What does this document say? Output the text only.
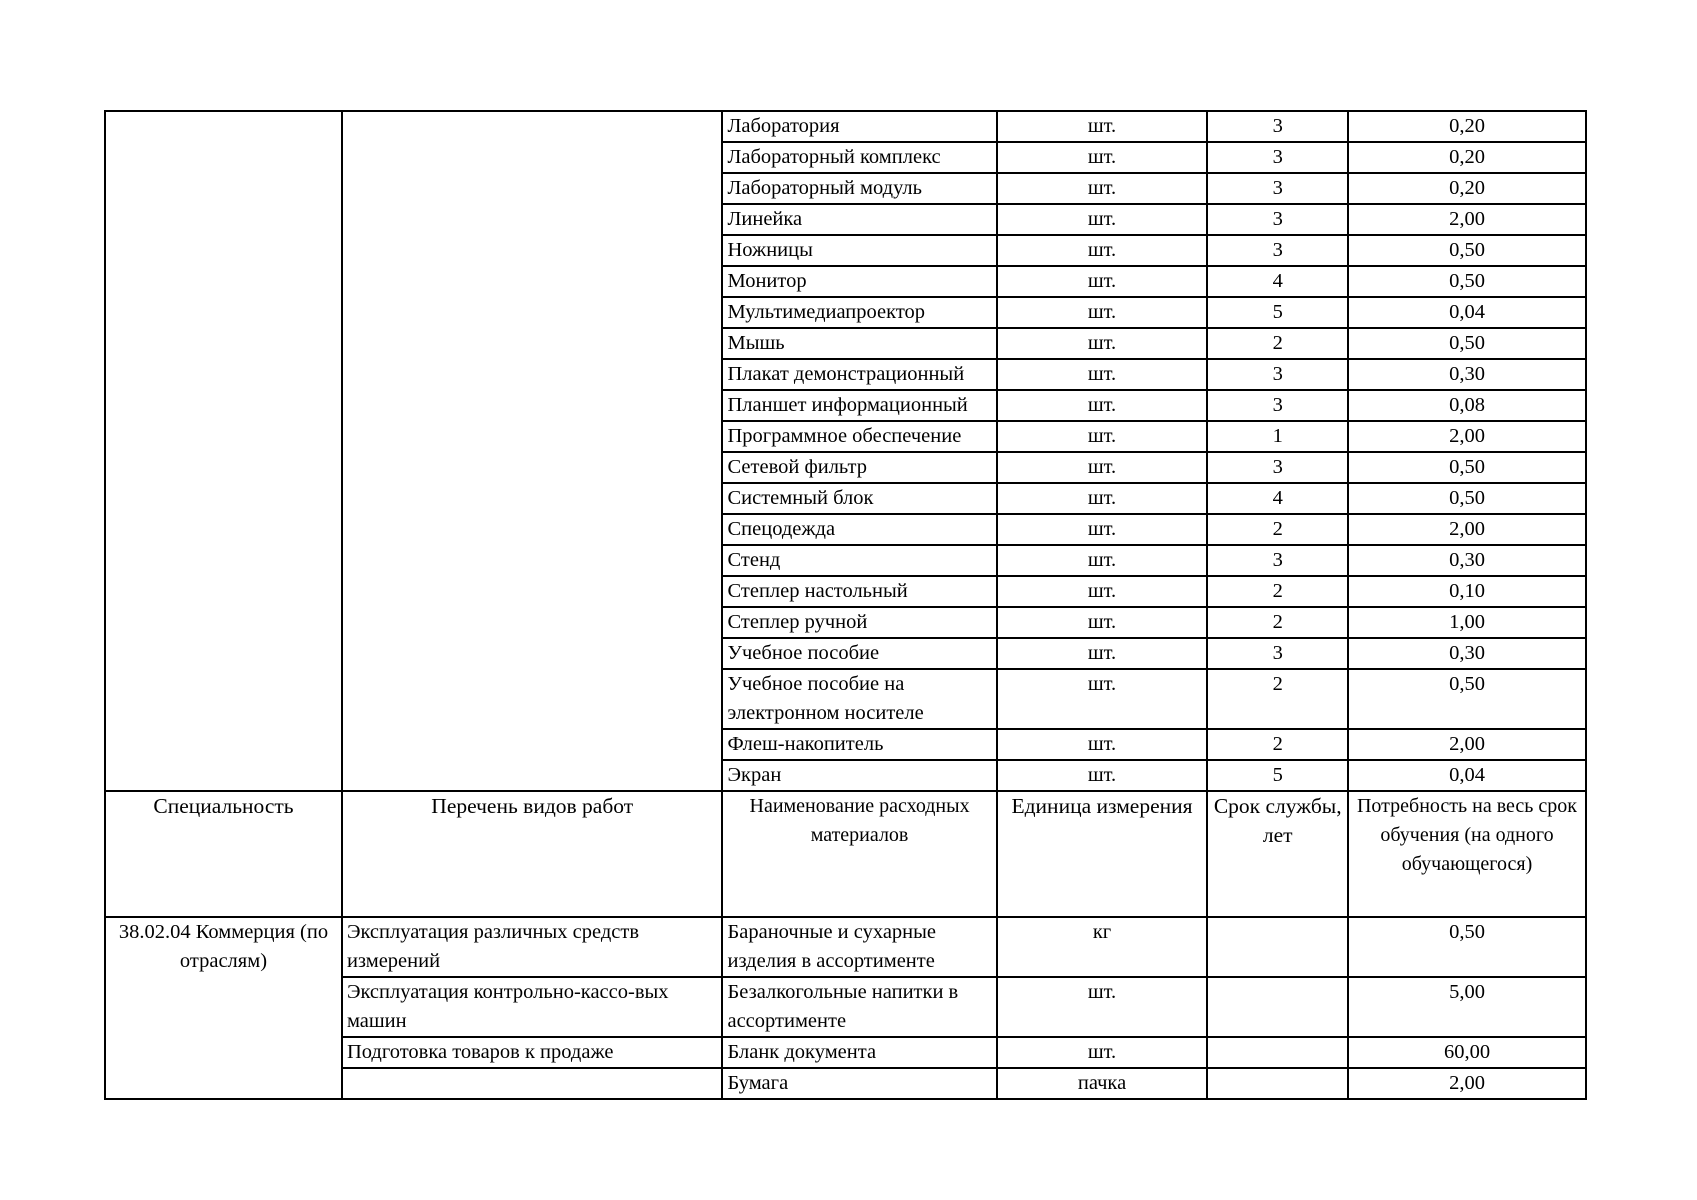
		Лаборатория	шт.	3	0,20
		Лабораторный комплекс	шт.	3	0,20
		Лабораторный модуль	шт.	3	0,20
		Линейка	шт.	3	2,00
		Ножницы	шт.	3	0,50
		Монитор	шт.	4	0,50
		Мультимедиапроектор	шт.	5	0,04
		Мышь	шт.	2	0,50
		Плакат демонстрационный	шт.	3	0,30
		Планшет информационный	шт.	3	0,08
		Программное обеспечение	шт.	1	2,00
		Сетевой фильтр	шт.	3	0,50
		Системный блок	шт.	4	0,50
		Спецодежда	шт.	2	2,00
		Стенд	шт.	3	0,30
		Степлер настольный	шт.	2	0,10
		Степлер ручной	шт.	2	1,00
		Учебное пособие	шт.	3	0,30
		Учебное пособие на электронном носителе	шт.	2	0,50
		Флеш-накопитель	шт.	2	2,00
		Экран	шт.	5	0,04
Специальность	Перечень видов работ	Наименование расходных материалов	Единица измерения	Срок службы, лет	Потребность на весь срок обучения (на одного обучающегося)
38.02.04 Коммерция (по отраслям)	Эксплуатация различных средств измерений	Бараночные и сухарные изделия в ассортименте	кг		0,50
	Эксплуатация контрольно-кассо-вых машин	Безалкогольные напитки в ассортименте	шт.		5,00
	Подготовка товаров к продаже	Бланк документа	шт.		60,00
		Бумага	пачка		2,00
